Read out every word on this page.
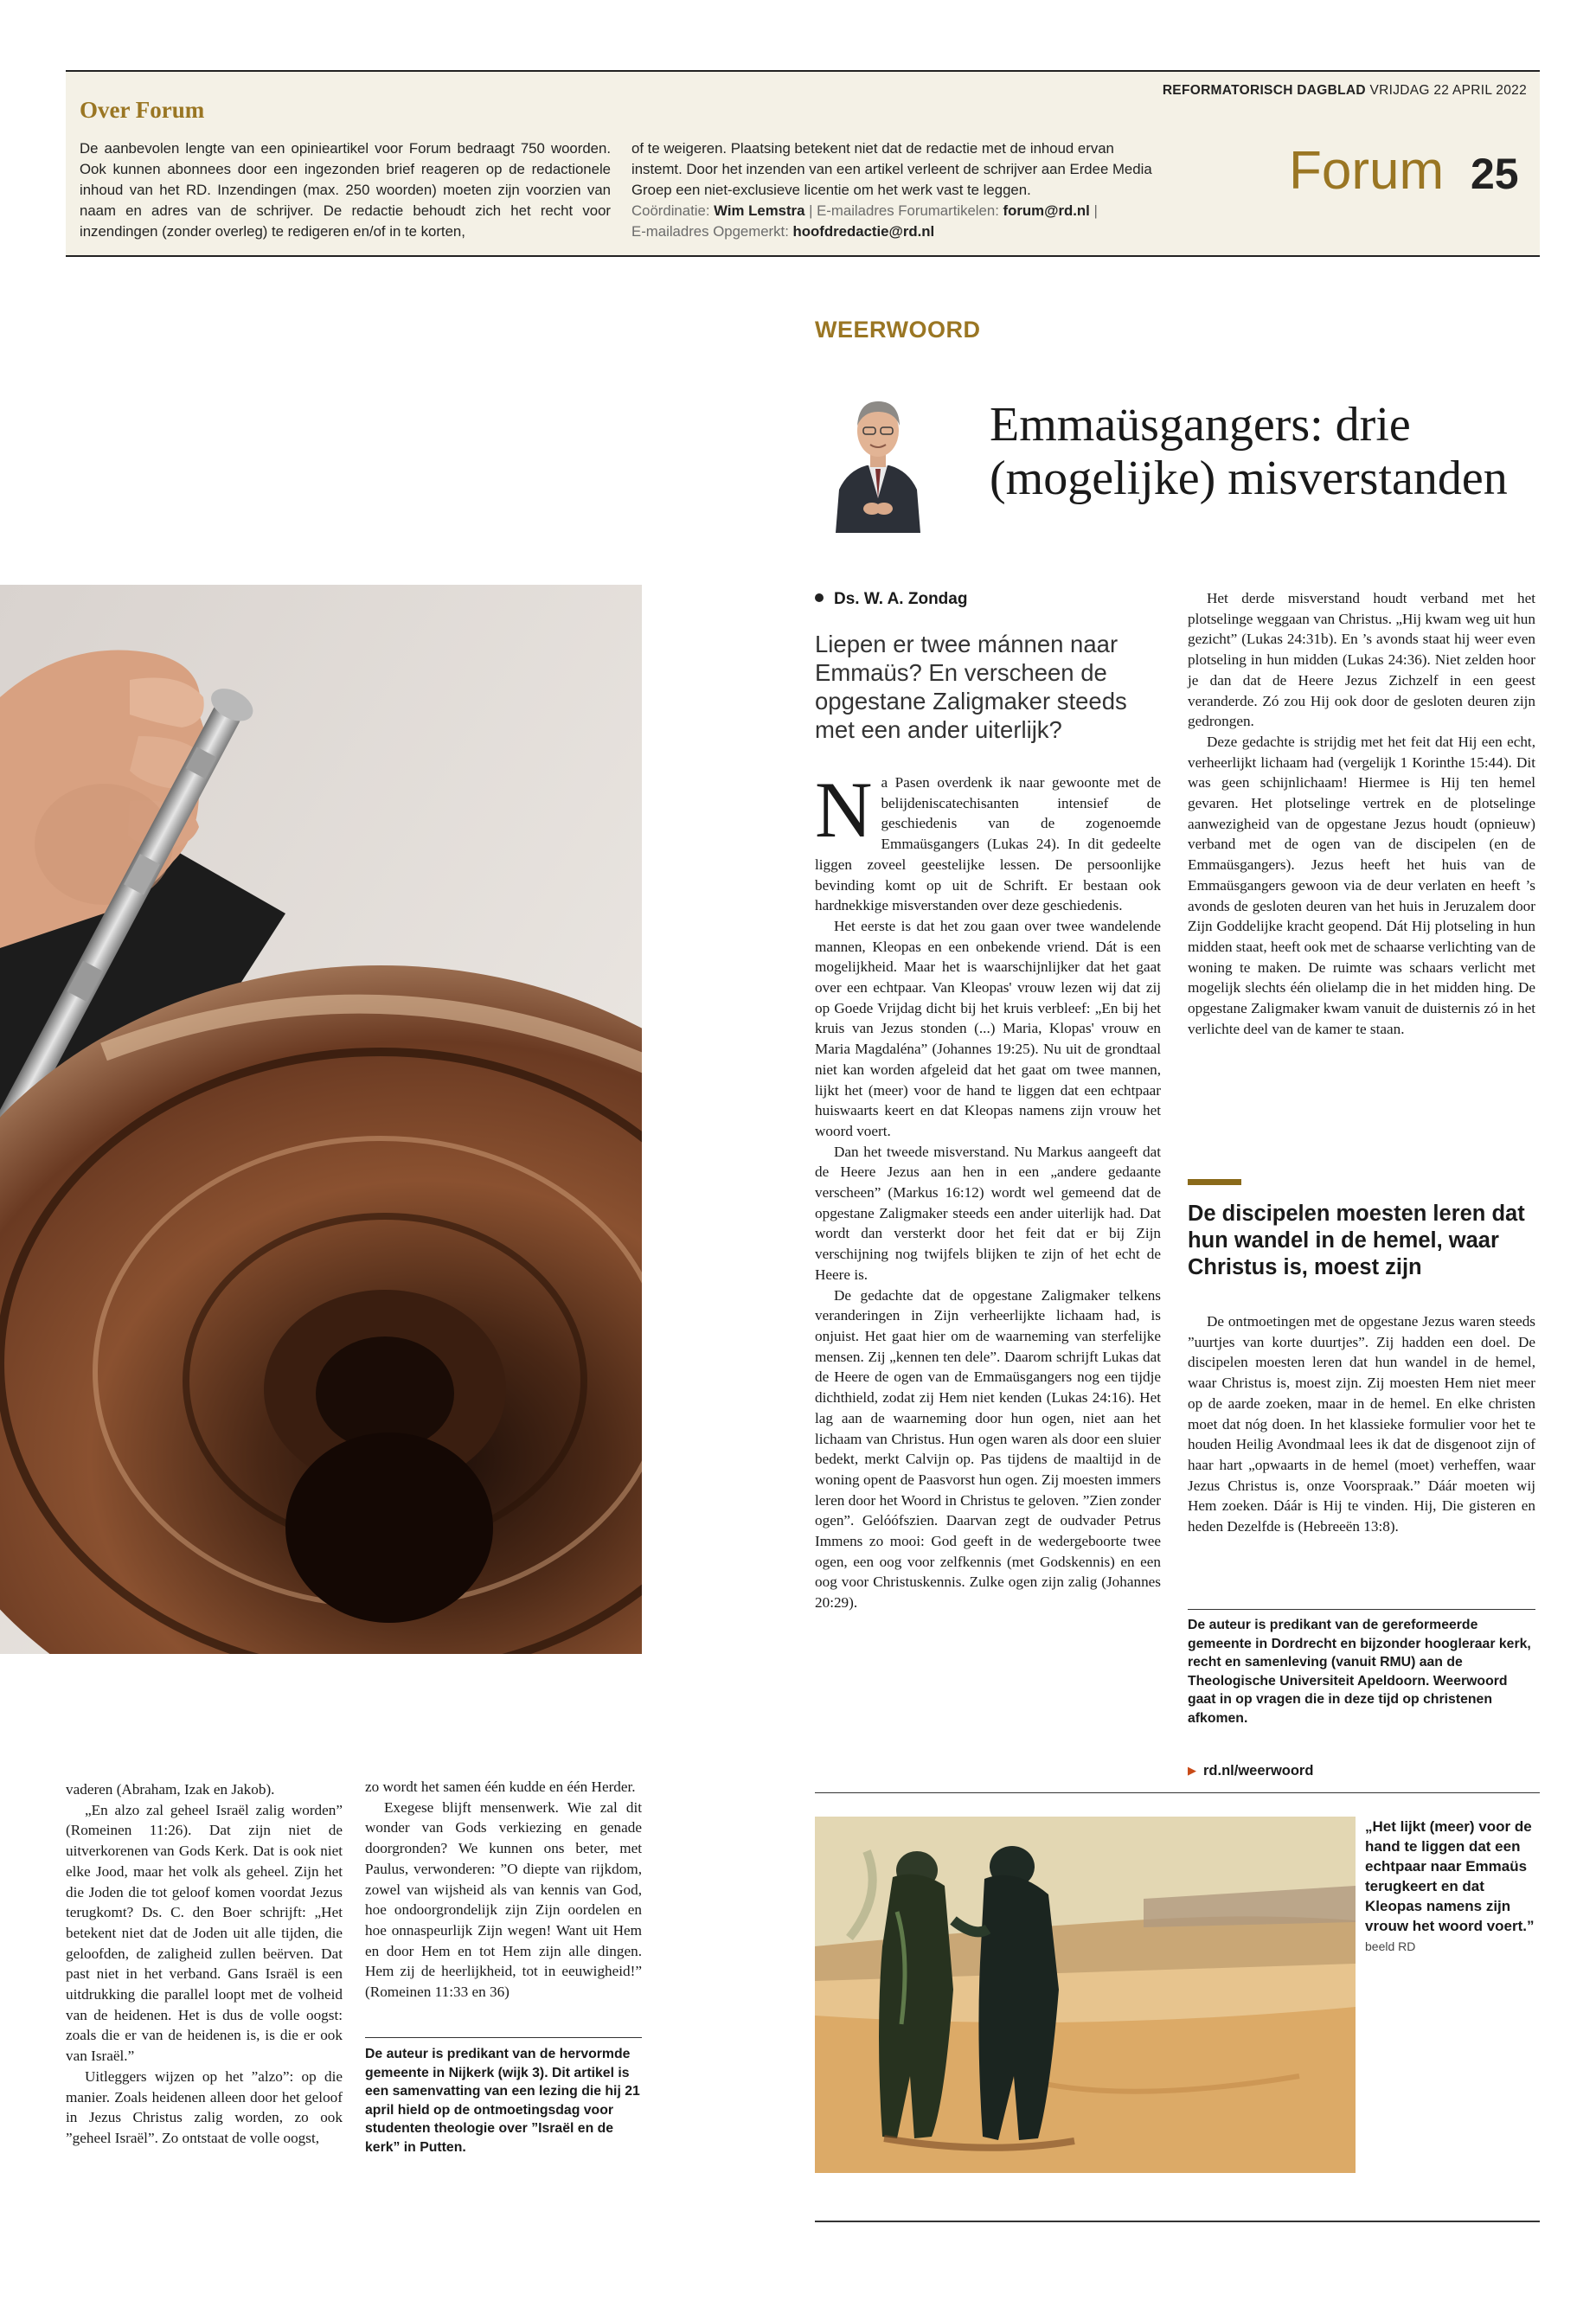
Over Forum
De aanbevolen lengte van een opinieartikel voor Forum bedraagt 750 woorden. Ook kunnen abonnees door een ingezonden brief reageren op de redactionele inhoud van het RD. Inzendingen (max. 250 woorden) moeten zijn voorzien van naam en adres van de schrijver. De redactie behoudt zich het recht voor inzendingen (zonder overleg) te redigeren en/of in te korten,
of te weigeren. Plaatsing betekent niet dat de redactie met de inhoud ervan instemt. Door het inzenden van een artikel verleent de schrijver aan Erdee Media Groep een niet-exclusieve licentie om het werk vast te leggen.
Coördinatie: Wim Lemstra | E-mailadres Forumartikelen: forum@rd.nl |
E-mailadres Opgemerkt: hoofdredactie@rd.nl
REFORMATORISCH DAGBLAD VRIJDAG 22 APRIL 2022
Forum 25
WEERWOORD
Emmaüsgangers: drie (mogelijke) misverstanden
Ds. W. A. Zondag
Liepen er twee mánnen naar Emmaüs? En verscheen de opgestane Zaligmaker steeds met een ander uiterlijk?

Na Pasen overdenk ik naar gewoonte met de belijdeniscatechisanten intensief de geschiedenis van de zogenoemde Emmaüsgangers (Lukas 24). In dit gedeelte liggen zoveel geestelijke lessen. De persoonlijke bevinding komt op uit de Schrift. Er bestaan ook hardnekkige misverstanden over deze geschiedenis.

Het eerste is dat het zou gaan over twee wandelende mannen, Kleopas en een onbekende vriend. Dát is een mogelijkheid. Maar het is waarschijnlijker dat het gaat over een echtpaar. Van Kleopas' vrouw lezen wij dat zij op Goede Vrijdag dicht bij het kruis verbleef: „En bij het kruis van Jezus stonden (...) Maria, Klopas' vrouw en Maria Magdaléna” (Johannes 19:25). Nu uit de grondtaal niet kan worden afgeleid dat het gaat om twee mannen, lijkt het (meer) voor de hand te liggen dat een echtpaar huiswaarts keert en dat Kleopas namens zijn vrouw het woord voert.

Dan het tweede misverstand. Nu Markus aangeeft dat de Heere Jezus aan hen in een „andere gedaante verscheen” (Markus 16:12) wordt wel gemeend dat de opgestane Zaligmaker steeds een ander uiterlijk had. Dat wordt dan versterkt door het feit dat er bij Zijn verschijning nog twijfels blijken te zijn of het echt de Heere is.

De gedachte dat de opgestane Zaligmaker telkens veranderingen in Zijn verheerlijkte lichaam had, is onjuist. Het gaat hier om de waarneming van sterfelijke mensen. Zij „kennen ten dele”. Daarom schrijft Lukas dat de Heere de ogen van de Emmaüsgangers nog een tijdje dichthield, zodat zij Hem niet kenden (Lukas 24:16). Het lag aan de waarneming door hun ogen, niet aan het lichaam van Christus. Hun ogen waren als door een sluier bedekt, merkt Calvijn op. Pas tijdens de maaltijd in de woning opent de Paasvorst hun ogen. Zij moesten immers leren door het Woord in Christus te geloven. ”Zien zonder ogen”. Gelóófszien. Daarvan zegt de oudvader Petrus Immens zo mooi: God geeft in de wedergeboorte twee ogen, een oog voor zelfkennis (met Godskennis) en een oog voor Christuskennis. Zulke ogen zijn zalig (Johannes 20:29).

Het derde misverstand houdt verband met het plotselinge weggaan van Christus. „Hij kwam weg uit hun gezicht” (Lukas 24:31b). En ’s avonds staat hij weer even plotseling in hun midden (Lukas 24:36). Niet zelden hoor je dan dat de Heere Jezus Zichzelf in een geest veranderde. Zó zou Hij ook door de gesloten deuren zijn gedrongen.

Deze gedachte is strijdig met het feit dat Hij een echt, verheerlijkt lichaam had (vergelijk 1 Korinthe 15:44). Dit was geen schijnlichaam! Hiermee is Hij ten hemel gevaren. Het plotselinge vertrek en de plotselinge aanwezigheid van de opgestane Jezus houdt (opnieuw) verband met de ogen van de discipelen (en de Emmaüsgangers). Jezus heeft het huis van de Emmaüsgangers gewoon via de deur verlaten en heeft ’s avonds de gesloten deuren van het huis in Jeruzalem door Zijn Goddelijke kracht geopend. Dát Hij plotseling in hun midden staat, heeft ook met de schaarse verlichting van de woning te maken. De ruimte was schaars verlicht met mogelijk slechts één olielamp die in het midden hing. De opgestane Zaligmaker kwam vanuit de duisternis zó in het verlichte deel van de kamer te staan.

De discipelen moesten leren dat hun wandel in de hemel, waar Christus is, moest zijn

De ontmoetingen met de opgestane Jezus waren steeds ”uurtjes van korte duurtjes”. Zij hadden een doel. De discipelen moesten leren dat hun wandel in de hemel, waar Christus is, moest zijn. Zij moesten Hem niet meer op de aarde zoeken, maar in de hemel. En elke christen moet dat nóg doen. In het klassieke formulier voor het te houden Heilig Avondmaal lees ik dat de disgenoot zijn of haar hart „opwaarts in de hemel (moet) verheffen, waar Jezus Christus is, onze Voorspraak.” Dáár moeten wij Hem zoeken. Dáár is Hij te vinden. Hij, Die gisteren en heden Dezelfde is (Hebreeën 13:8).

De auteur is predikant van de gereformeerde gemeente in Dordrecht en bijzonder hoogleraar kerk, recht en samenleving (vanuit RMU) aan de Theologische Universiteit Apeldoorn. Weerwoord gaat in op vragen die in deze tijd op christenen afkomen.
▶ rd.nl/weerwoord

vaderen (Abraham, Izak en Jakob).

„En alzo zal geheel Israël zalig worden” (Romeinen 11:26). Dat zijn niet de uitverkorenen van Gods Kerk. Dat is ook niet elke Jood, maar het volk als geheel. Zijn het die Joden die tot geloof komen voordat Jezus terugkomt? Ds. C. den Boer schrijft: „Het betekent niet dat de Joden uit alle tijden, die geloofden, de zaligheid zullen beërven. Dat past niet in het verband. Gans Israël is een uitdrukking die parallel loopt met de volheid van de heidenen. Het is dus de volle oogst: zoals die er van de heidenen is, is die er ook van Israël.”

Uitleggers wijzen op het ”alzo”: op die manier. Zoals heidenen alleen door het geloof in Jezus Christus zalig worden, zo ook ”geheel Israël”. Zo ontstaat de volle oogst,

zo wordt het samen één kudde en één Herder.

Exegese blijft mensenwerk. Wie zal dit wonder van Gods verkiezing en genade doorgronden? We kunnen ons beter, met Paulus, verwonderen: ”O diepte van rijkdom, zowel van wijsheid als van kennis van God, hoe ondoorgrondelijk zijn Zijn oordelen en hoe onnaspeurlijk Zijn wegen! Want uit Hem en door Hem en tot Hem zijn alle dingen. Hem zij de heerlijkheid, tot in eeuwigheid!” (Romeinen 11:33 en 36)

De auteur is predikant van de hervormde gemeente in Nijkerk (wijk 3). Dit artikel is een samenvatting van een lezing die hij 21 april hield op de ontmoetingsdag voor studenten theologie over ”Israël en de kerk” in Putten.
„Het lijkt (meer) voor de hand te liggen dat een echtpaar naar Emmaüs terugkeert en dat Kleopas namens zijn vrouw het woord voert.” beeld RD
